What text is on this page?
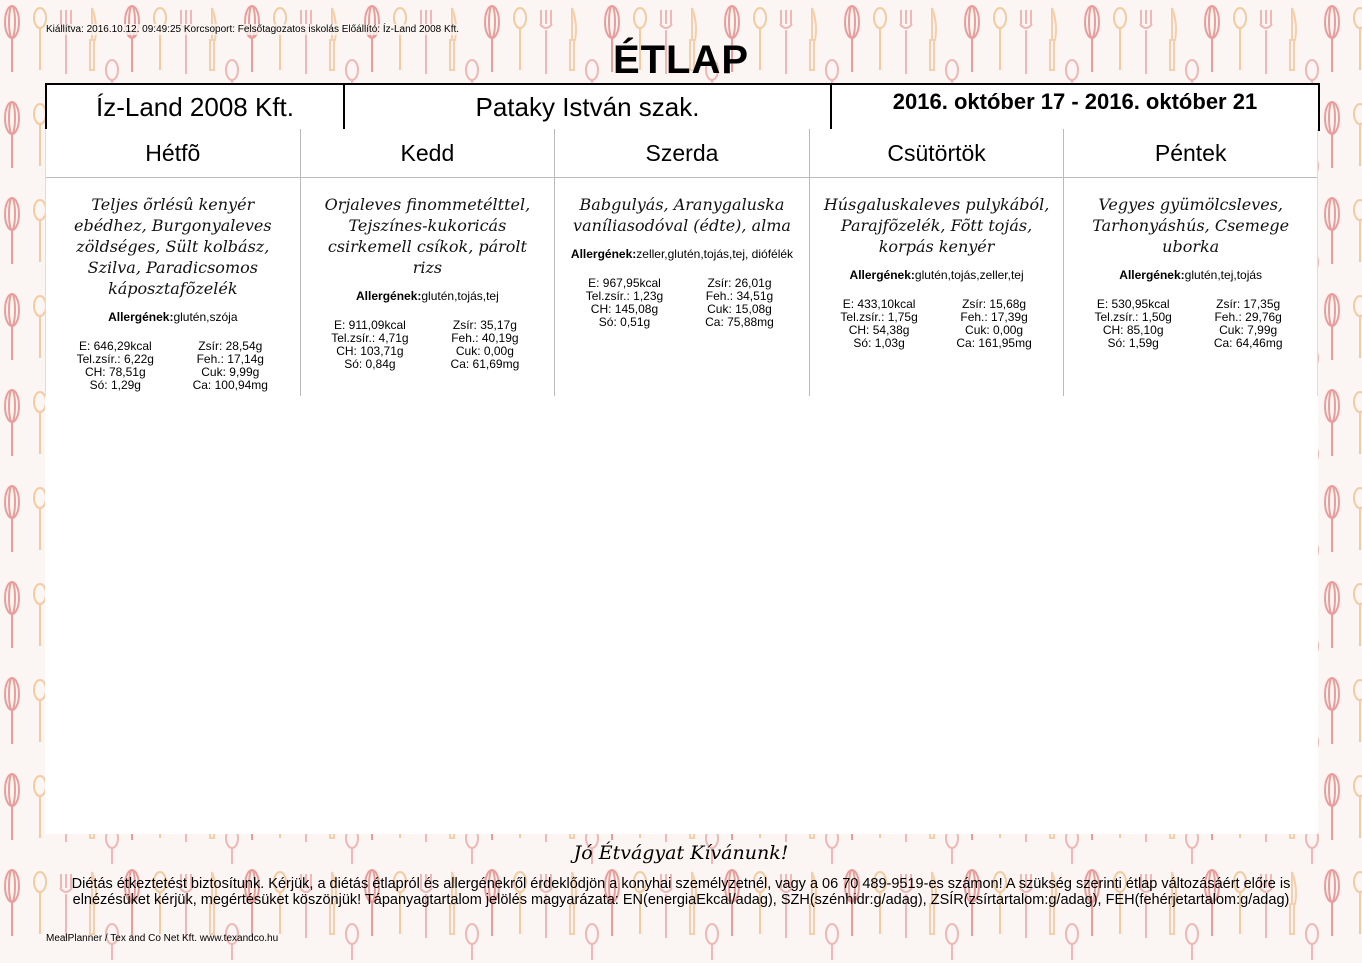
Kiállítva: 2016.10.12. 09:49:25 Korcsoport: Felsőtagozatos iskolás Előállító: Íz-Land 2008 Kft.
ÉTLAP
Íz-Land 2008 Kft.	Pataky István szak.	2016. október 17 - 2016. október 21
Hétfõ
Teljes õrlésû kenyér ebédhez, Burgonyaleves zöldséges, Sült kolbász, Szilva, Paradicsomos káposztafõzelék
Allergének:glutén,szója
E: 646,29kcal	Zsír: 28,54g
Tel.zsír.: 6,22g	Feh.: 17,14g
CH: 78,51g	Cuk: 9,99g
Só: 1,29g	Ca: 100,94mg
Kedd
Orjaleves finommetélttel, Tejszínes-kukoricás csirkemell csíkok, párolt rizs
Allergének:glutén,tojás,tej
E: 911,09kcal	Zsír: 35,17g
Tel.zsír.: 4,71g	Feh.: 40,19g
CH: 103,71g	Cuk: 0,00g
Só: 0,84g	Ca: 61,69mg
Szerda
Babgulyás, Aranygaluska vaníliasodóval (édte), alma
Allergének:zeller,glutén,tojás,tej, diófélék
E: 967,95kcal	Zsír: 26,01g
Tel.zsír.: 1,23g	Feh.: 34,51g
CH: 145,08g	Cuk: 15,08g
Só: 0,51g	Ca: 75,88mg
Csütörtök
Húsgaluskaleves pulykából, Parajfõzelék, Fõtt tojás, korpás kenyér
Allergének:glutén,tojás,zeller,tej
E: 433,10kcal	Zsír: 15,68g
Tel.zsír.: 1,75g	Feh.: 17,39g
CH: 54,38g	Cuk: 0,00g
Só: 1,03g	Ca: 161,95mg
Péntek
Vegyes gyümölcsleves, Tarhonyáshús, Csemege uborka
Allergének:glutén,tej,tojás
E: 530,95kcal	Zsír: 17,35g
Tel.zsír.: 1,50g	Feh.: 29,76g
CH: 85,10g	Cuk: 7,99g
Só: 1,59g	Ca: 64,46mg
Jó Étvágyat Kívánunk!
Diétás étkeztetést biztosítunk. Kérjük, a diétás étlapról és allergénekről érdeklődjön a konyhai személyzetnél, vagy a 06 70 489-9519-es számon! A szükség szerinti étlap változásáért előre is elnézésüket kérjük, megértésüket köszönjük! Tápanyagtartalom jelölés magyarázata: EN(energiaEkcal/adag), SZH(szénhidr:g/adag), ZSÍR(zsírtartalom:g/adag), FEH(fehérjetartalom:g/adag)
MealPlanner / Tex and Co Net Kft. www.texandco.hu
